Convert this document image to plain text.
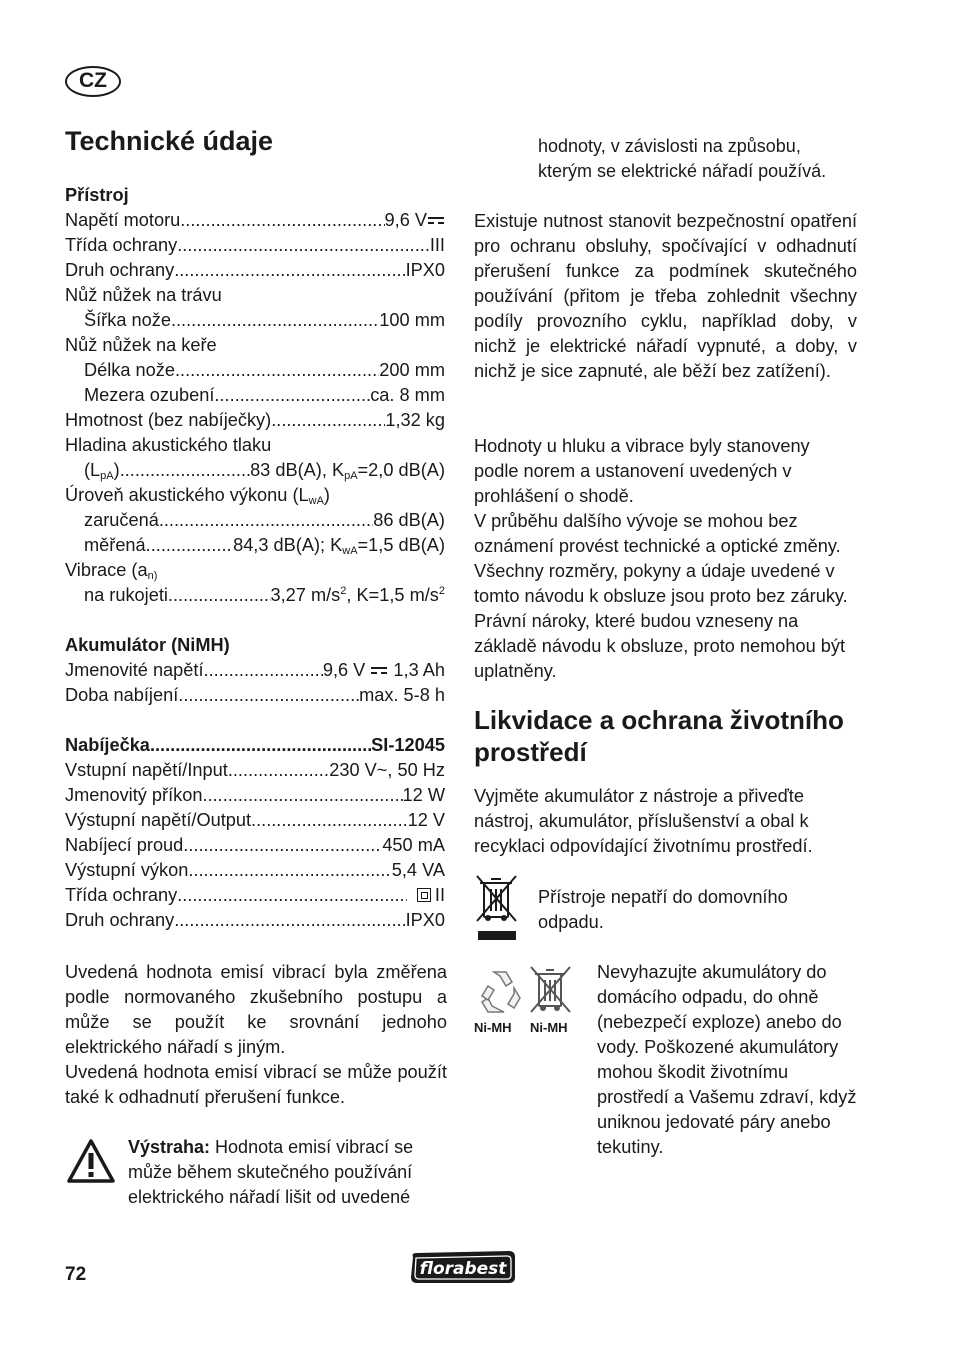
CZ
Technické údaje
Přístroj
Napětí motoru .....	9,6 V
Třída ochrany .....	III
Druh ochrany .....	IPX0
Nůž nůžek na trávu
Šířka nože .....	100 mm
Nůž nůžek na keře
Délka nože .....	200 mm
Mezera ozubení .....	ca. 8 mm
Hmotnost (bez nabíječky) .....	1,32 kg
Hladina akustického tlaku
$(L_{pA})$ .....	83 dB(A), $K_{pA}=2,0$ dB(A)
Úroveň akustického výkonu $(L_{wA})$
zaručená .....	86 dB(A)
měřená .....	84,3 dB(A); $K_{wA}=1,5$ dB(A)
Vibrace ($a_{n)}$
na rukojeti .....	3,27 $m/s^2$, K=1,5 $m/s^2$
Akumulátor (NiMH)
Jmenovité napětí .....	9,6 V 1,3 Ah
Doba nabíjení .....	max. 5-8 h
Nabíječka .....	SI-12045
Vstupní napětí/Input .....	230 V~, 50 Hz
Jmenovitý příkon .....	12 W
Výstupní napětí/Output .....	12 V
Nabíjecí proud .....	450 mA
Výstupní výkon .....	5,4 VA
Třída ochrany .....	II
Druh ochrany .....	IPX0
Uvedená hodnota emisí vibrací byla změřena podle normovaného zkušebního postupu a může se použít ke srovnání jednoho elektrického nářadí s jiným.
Uvedená hodnota emisí vibrací se může použít také k odhadnutí přerušení funkce.
Výstraha: Hodnota emisí vibrací se může během skutečného používání elektrického nářadí lišit od uvedené
hodnoty, v závislosti na způsobu, kterým se elektrické nářadí používá.
Existuje nutnost stanovit bezpečnostní opatření pro ochranu obsluhy, spočívající v odhadnutí přerušení funkce za podmínek skutečného používání (přitom je třeba zohlednit všechny podíly provozního cyklu, například doby, v nichž je elektrické nářadí vypnuté, a doby, v nichž je sice zapnuté, ale běží bez zatížení).
Hodnoty u hluku a vibrace byly stanoveny podle norem a ustanovení uvedených v prohlášení o shodě.
V průběhu dalšího vývoje se mohou bez oznámení provést technické a optické změny. Všechny rozměry, pokyny a údaje uvedené v tomto návodu k obsluze jsou proto bez záruky. Právní nároky, které budou vzneseny na základě návodu k obsluze, proto nemohou být uplatněny.
Likvidace a ochrana životního prostředí
Vyjměte akumulátor z nástroje a přiveďte nástroj, akumulátor, příslušenství a obal k recyklaci odpovídající životnímu prostředí.
Přístroje nepatří do domovního odpadu.
Ni-MH Ni-MH
Nevyhazujte akumulátory do domácího odpadu, do ohně (nebezpečí exploze) anebo do vody. Poškozené akumulátory mohou škodit životnímu prostředí a Vašemu zdraví, když uniknou jedovaté páry anebo tekutiny.
72	florabest
